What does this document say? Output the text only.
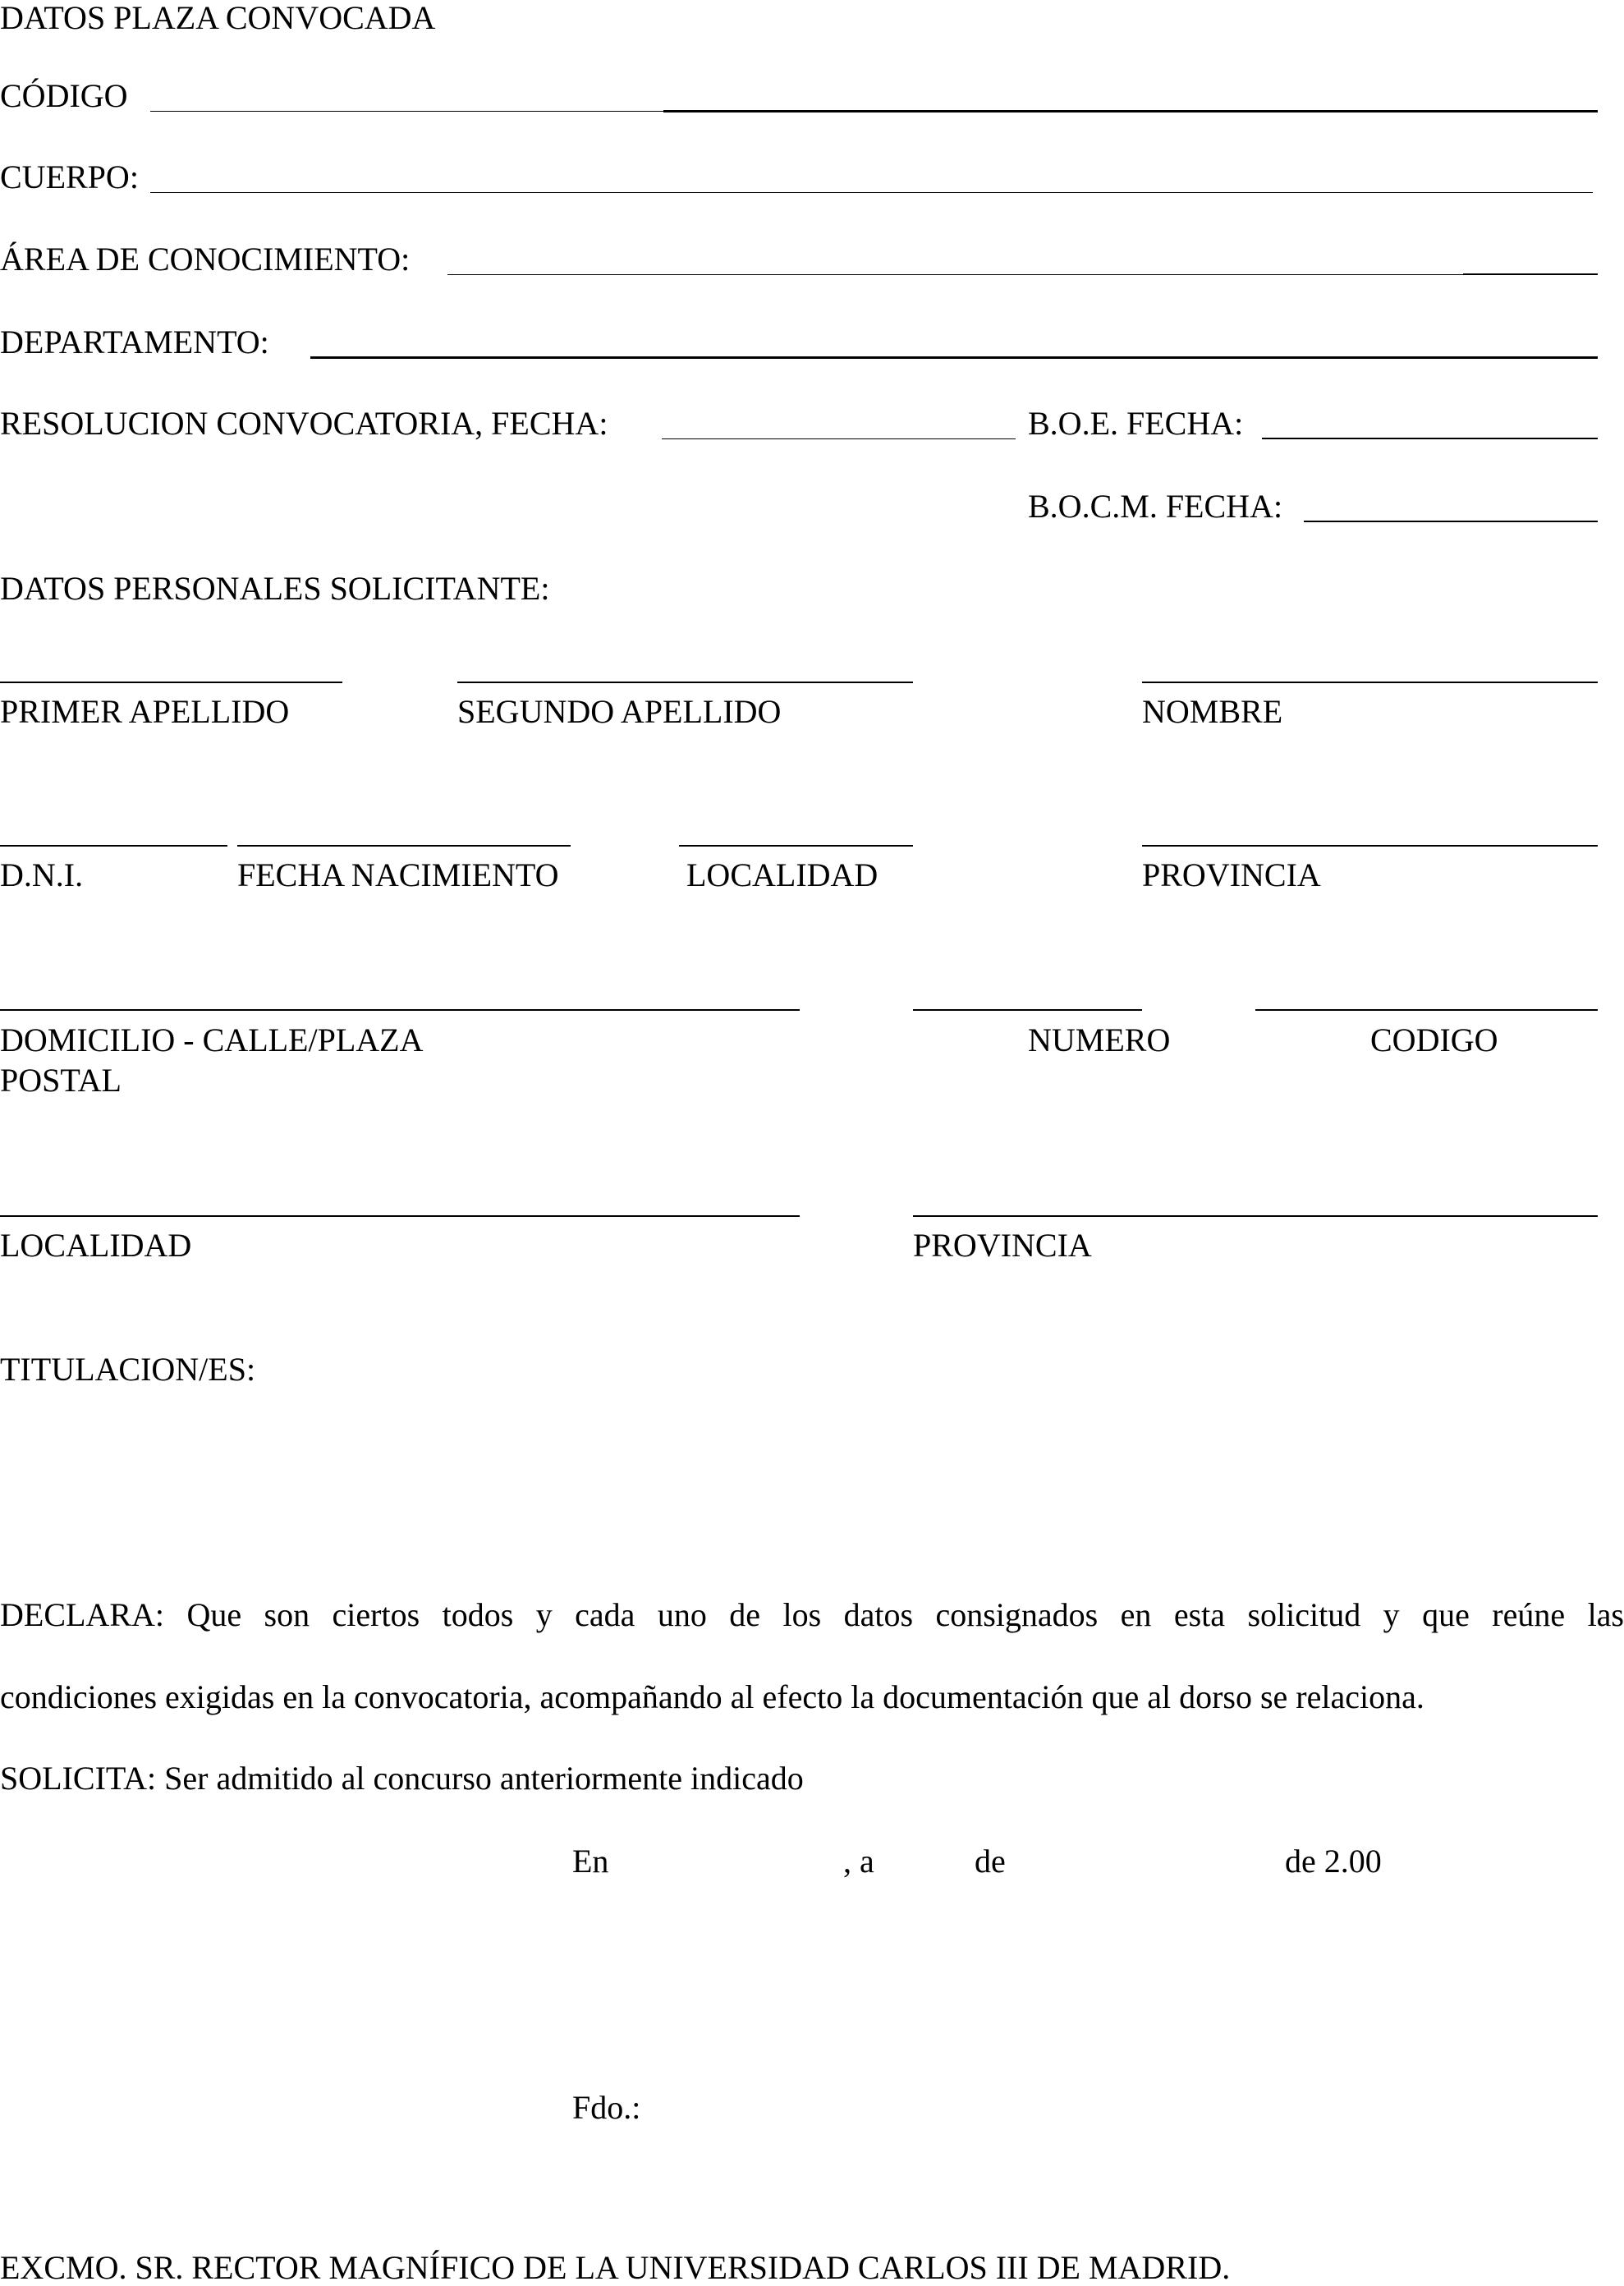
DATOS PLAZA CONVOCADA
CÓDIGO
CUERPO:
ÁREA DE CONOCIMIENTO:
DEPARTAMENTO:
RESOLUCION CONVOCATORIA, FECHA:	B.O.E. FECHA:
B.O.C.M. FECHA:
DATOS PERSONALES SOLICITANTE:
PRIMER APELLIDO	SEGUNDO APELLIDO	NOMBRE
D.N.I.	FECHA NACIMIENTO	LOCALIDAD	PROVINCIA
DOMICILIO - CALLE/PLAZA	NUMERO	CODIGO
POSTAL
LOCALIDAD	PROVINCIA
TITULACION/ES:
DECLARA: Que son ciertos todos y cada uno de los datos consignados en esta solicitud y que reúne las
condiciones exigidas en la convocatoria, acompañando al efecto la documentación que al dorso se relaciona.
SOLICITA: Ser admitido al concurso anteriormente indicado
En	, a	de	de 2.00
Fdo.:
EXCMO. SR. RECTOR MAGNÍFICO DE LA UNIVERSIDAD CARLOS III DE MADRID.
